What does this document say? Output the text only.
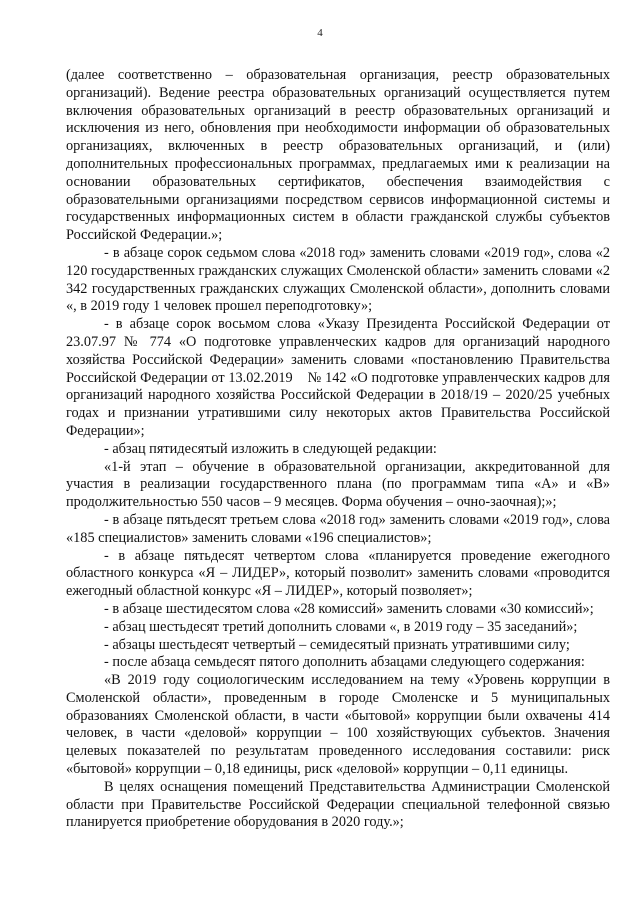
4

(далее соответственно – образовательная организация, реестр образовательных организаций). Ведение реестра образовательных организаций осуществляется путем включения образовательных организаций в реестр образовательных организаций и исключения из него, обновления при необходимости информации об образовательных организациях, включенных в реестр образовательных организаций, и (или) дополнительных профессиональных программах, предлагаемых ими к реализации на основании образовательных сертификатов, обеспечения взаимодействия с образовательными организациями посредством сервисов информационной системы и государственных информационных систем в области гражданской службы субъектов Российской Федерации.»;

- в абзаце сорок седьмом слова «2018 год» заменить словами «2019 год», слова «2 120 государственных гражданских служащих Смоленской области» заменить словами «2 342 государственных гражданских служащих Смоленской области», дополнить словами «, в 2019 году 1 человек прошел переподготовку»;

- в абзаце сорок восьмом слова «Указу Президента Российской Федерации от 23.07.97 № 774 «О подготовке управленческих кадров для организаций народного хозяйства Российской Федерации» заменить словами «постановлению Правительства Российской Федерации от 13.02.2019    № 142 «О подготовке управленческих кадров для организаций народного хозяйства Российской Федерации в 2018/19 – 2020/25 учебных годах и признании утратившими силу некоторых актов Правительства Российской Федерации»;

- абзац пятидесятый изложить в следующей редакции:

«1-й этап – обучение в образовательной организации, аккредитованной для участия в реализации государственного плана (по программам типа «А» и «В» продолжительностью 550 часов – 9 месяцев. Форма обучения – очно-заочная);»;

- в абзаце пятьдесят третьем слова «2018 год» заменить словами «2019 год», слова «185 специалистов» заменить словами «196 специалистов»;

- в абзаце пятьдесят четвертом слова «планируется проведение ежегодного областного конкурса «Я – ЛИДЕР», который позволит» заменить словами «проводится ежегодный областной конкурс «Я – ЛИДЕР», который позволяет»;

- в абзаце шестидесятом слова «28 комиссий» заменить словами «30 комиссий»;

- абзац шестьдесят третий дополнить словами «, в 2019 году – 35 заседаний»;

- абзацы шестьдесят четвертый – семидесятый признать утратившими силу;

- после абзаца семьдесят пятого дополнить абзацами следующего содержания:

«В 2019 году социологическим исследованием на тему «Уровень коррупции в Смоленской области», проведенным в городе Смоленске и 5 муниципальных образованиях Смоленской области, в части «бытовой» коррупции были охвачены 414 человек, в части «деловой» коррупции – 100 хозяйствующих субъектов. Значения целевых показателей по результатам проведенного исследования составили: риск «бытовой» коррупции – 0,18 единицы, риск «деловой» коррупции – 0,11 единицы.

В целях оснащения помещений Представительства Администрации Смоленской области при Правительстве Российской Федерации специальной телефонной связью планируется приобретение оборудования в 2020 году.»;
